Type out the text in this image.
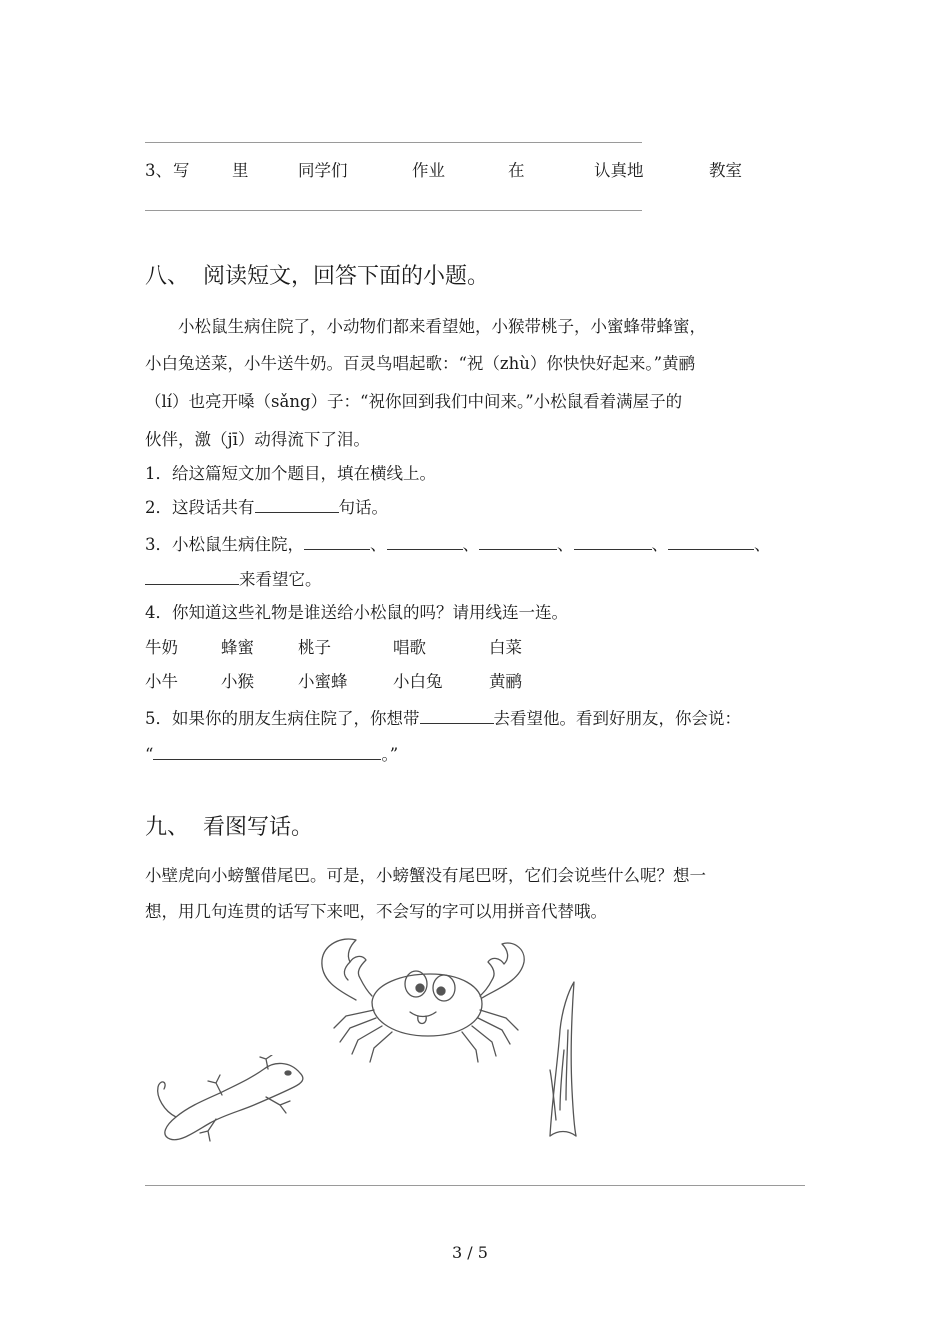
3、 写	里	同学们	作业	在	认真地	教室
八、  阅读短文，回答下面的小题。
小松鼠生病住院了，小动物们都来看望她，小猴带桃子，小蜜蜂带蜂蜜，
小白兔送菜，小牛送牛奶。百灵鸟唱起歌：“祝（zhù）你快快好起来。”黄鹂
（lí）也亮开嗓（sǎng）子：“祝你回到我们中间来。”小松鼠看着满屋子的
伙伴，激（jī）动得流下了泪。
1．给这篇短文加个题目，填在横线上。
2．这段话共有	句话。
3．小松鼠生病住院，	、	、	、	、	、
来看望它。
4．你知道这些礼物是谁送给小松鼠的吗？请用线连一连。
牛奶	蜂蜜	桃子	唱歌	白菜
小牛	小猴	小蜜蜂	小白兔	黄鹂
5．如果你的朋友生病住院了，你想带	去看望他。看到好朋友，你会说：
“	。”
九、  看图写话。
小壁虎向小螃蟹借尾巴。可是，小螃蟹没有尾巴呀，它们会说些什么呢？想一
想，用几句连贯的话写下来吧，不会写的字可以用拼音代替哦。
3 / 5
